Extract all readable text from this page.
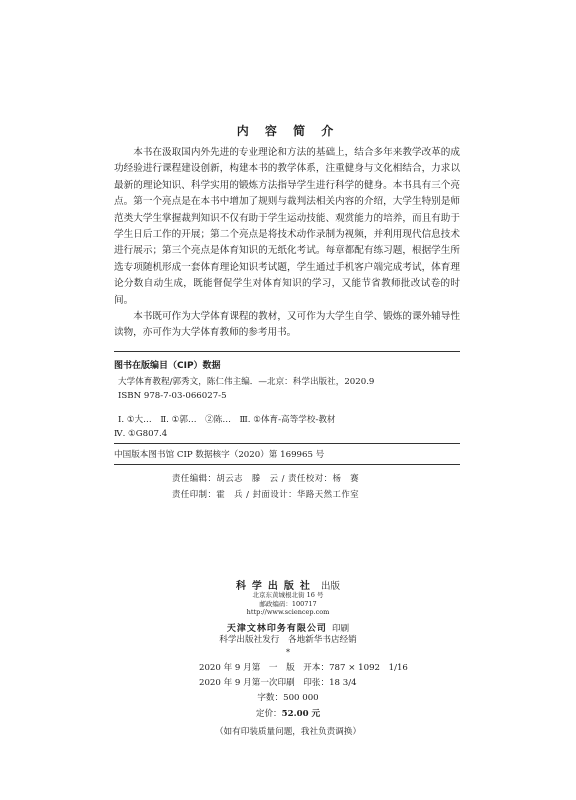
内 容 简 介

本书在汲取国内外先进的专业理论和方法的基础上，结合多年来教学改革的成功经验进行课程建设创新，构建本书的教学体系，注重健身与文化相结合，力求以最新的理论知识、科学实用的锻炼方法指导学生进行科学的健身。本书具有三个亮点。第一个亮点是在本书中增加了规则与裁判法相关内容的介绍，大学生特别是师范类大学生掌握裁判知识不仅有助于学生运动技能、观赏能力的培养，而且有助于学生日后工作的开展；第二个亮点是将技术动作录制为视频，并利用现代信息技术进行展示；第三个亮点是体育知识的无纸化考试。每章都配有练习题，根据学生所选专项随机形成一套体育理论知识考试题，学生通过手机客户端完成考试，体育理论分数自动生成，既能督促学生对体育知识的学习，又能节省教师批改试卷的时间。

本书既可作为大学体育课程的教材，又可作为大学生自学、锻炼的课外辅导性读物，亦可作为大学体育教师的参考用书。

图书在版编目（CIP）数据
大学体育教程/郭秀文，陈仁伟主编．—北京：科学出版社，2020.9
ISBN 978-7-03-066027-5
Ⅰ. ①大…　Ⅱ. ①郭…　②陈…　Ⅲ. ①体育-高等学校-教材
Ⅳ. ①G807.4
中国版本图书馆 CIP 数据核字（2020）第 169965 号
责任编辑：胡云志　滕　云 / 责任校对：杨　赛
责任印制：霍　兵 / 封面设计：华路天然工作室
科学出版社 出版
北京东黄城根北街 16 号
邮政编码：100717
http://www.sciencep.com
天津文林印务有限公司 印刷
科学出版社发行　各地新华书店经销
*
2020 年 9 月第　一　版　开本：787 × 1092　1/16
2020 年 9 月第一次印刷　印张：18 3/4
字数：500 000
定价：52.00 元
（如有印装质量问题，我社负责调换）
